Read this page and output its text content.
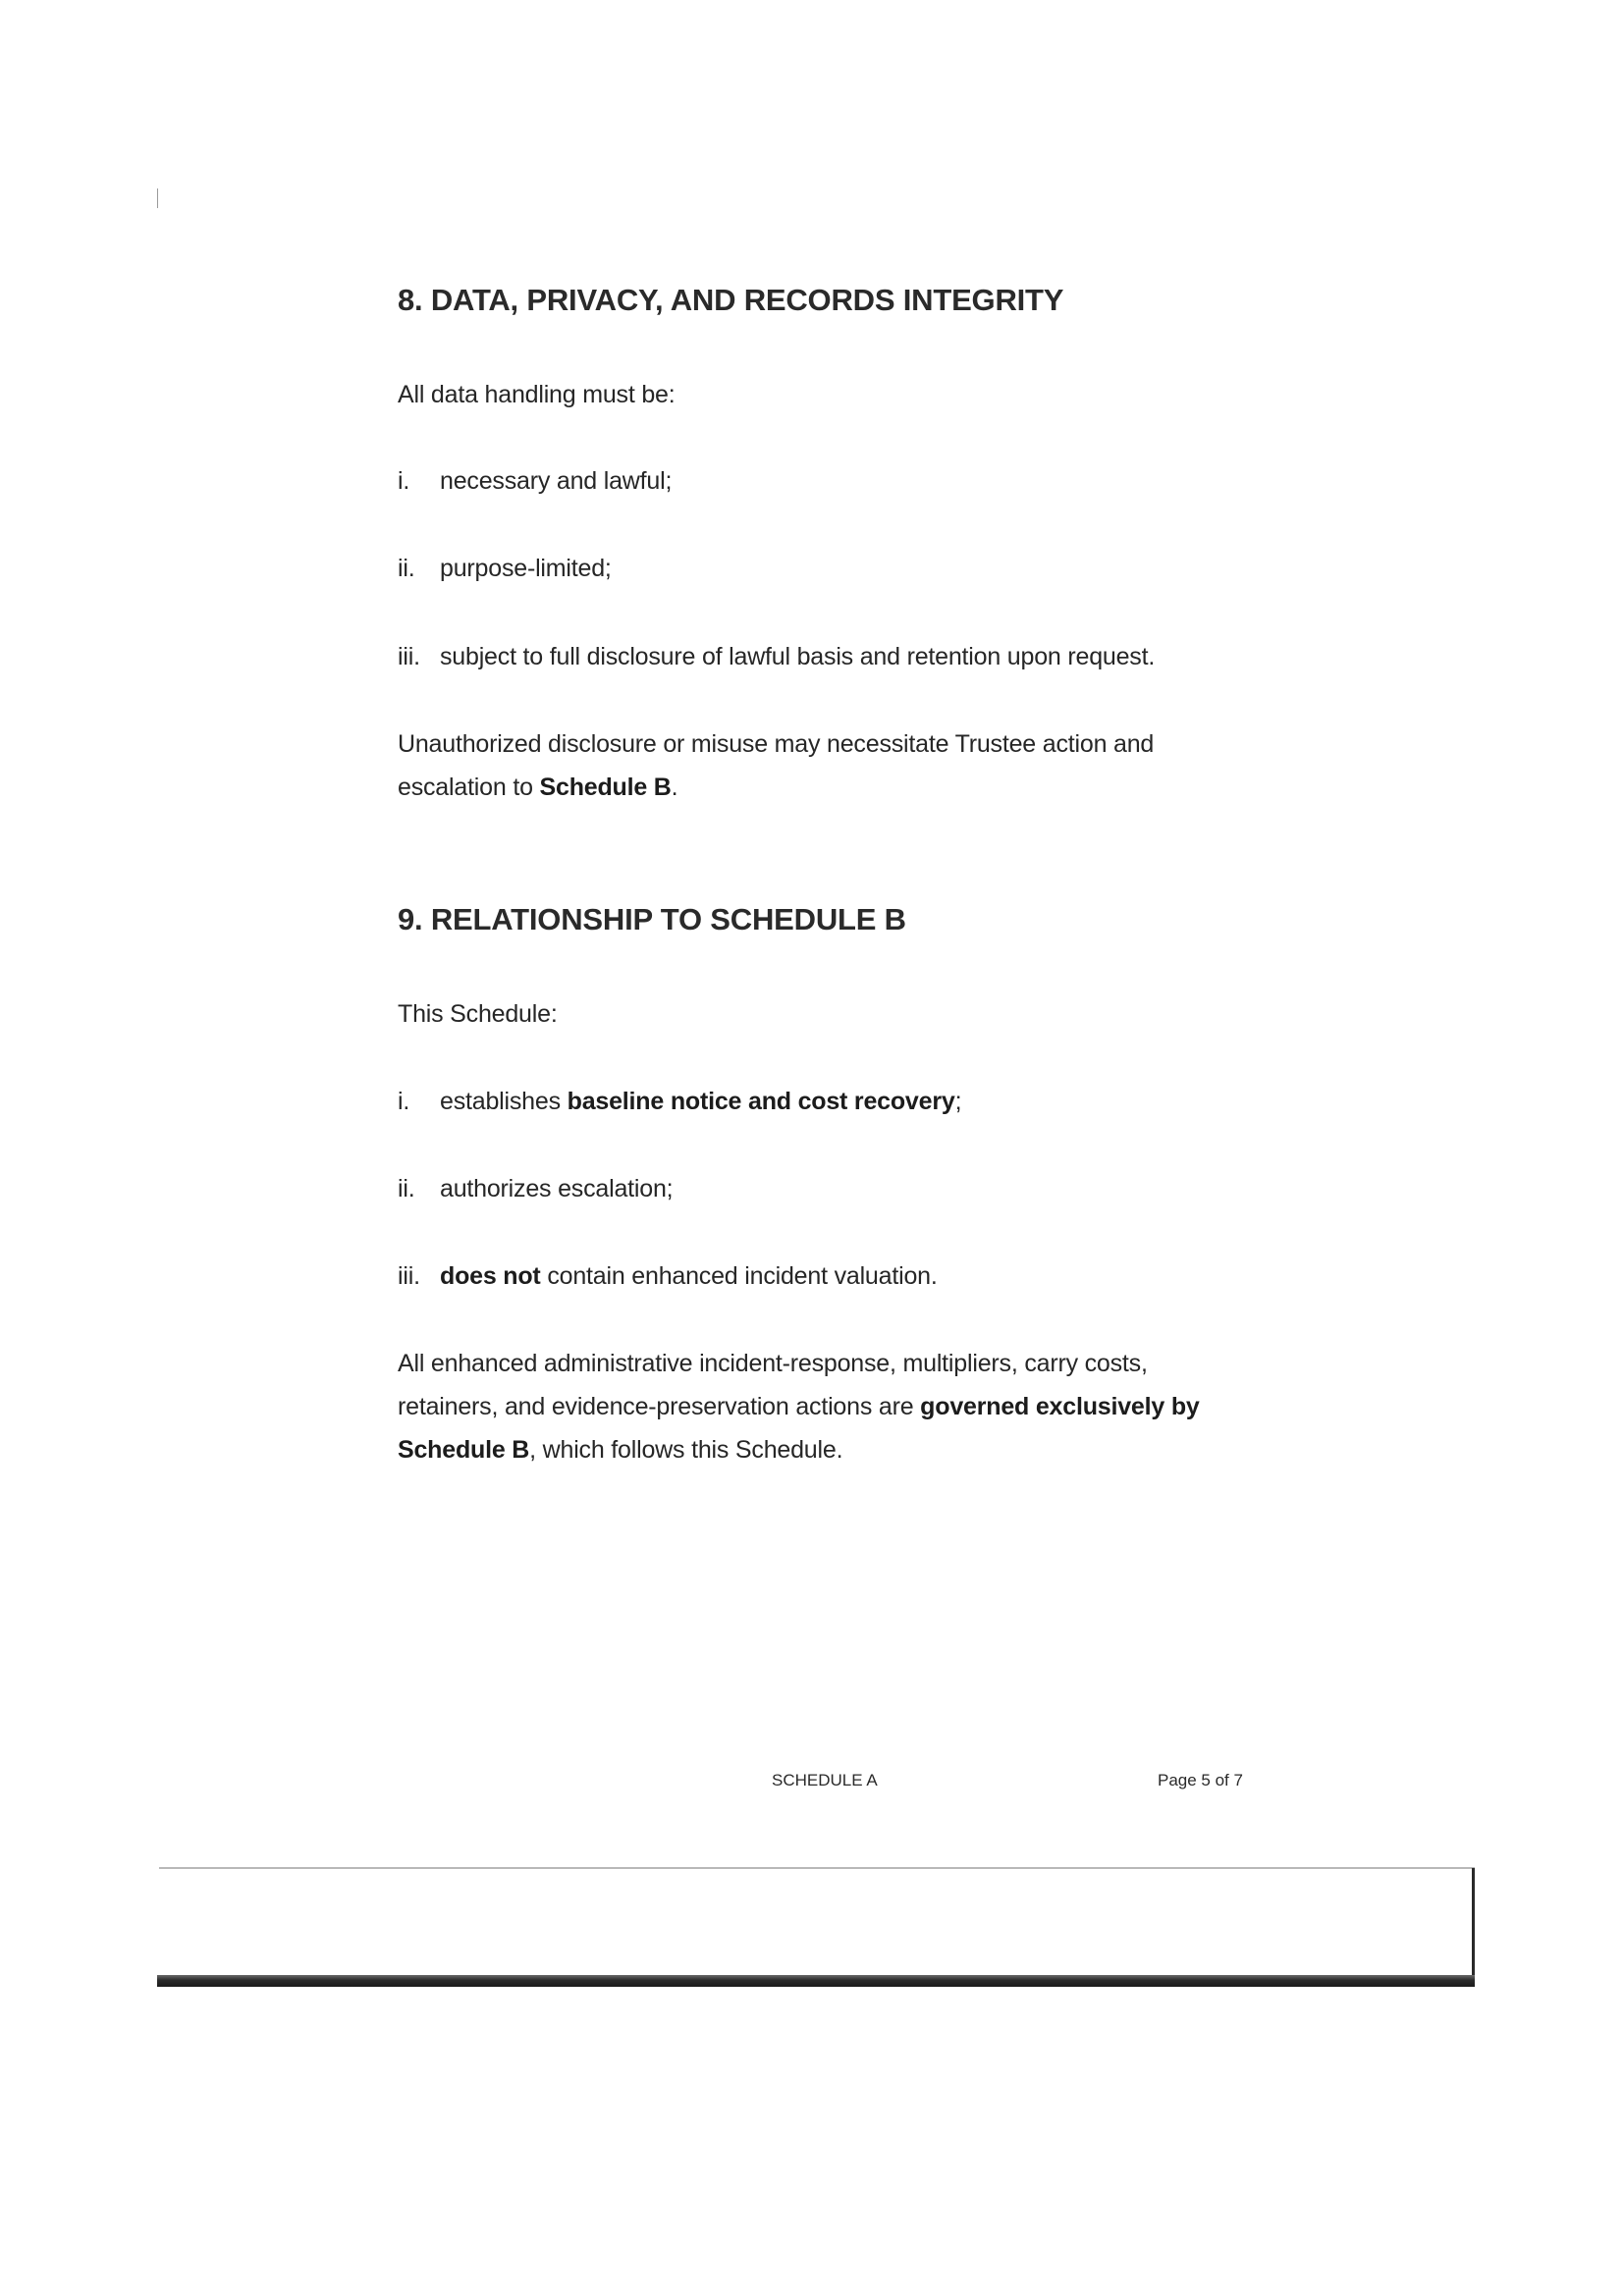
8. DATA, PRIVACY, AND RECORDS INTEGRITY

All data handling must be:

i. necessary and lawful;

ii. purpose-limited;

iii. subject to full disclosure of lawful basis and retention upon request.

Unauthorized disclosure or misuse may necessitate Trustee action and
escalation to Schedule B.

9. RELATIONSHIP TO SCHEDULE B

This Schedule:

i. establishes baseline notice and cost recovery;

ii. authorizes escalation;

iii. does not contain enhanced incident valuation.

All enhanced administrative incident-response, multipliers, carry costs,
retainers, and evidence-preservation actions are governed exclusively by
Schedule B, which follows this Schedule.

SCHEDULE A	Page 5 of 7
